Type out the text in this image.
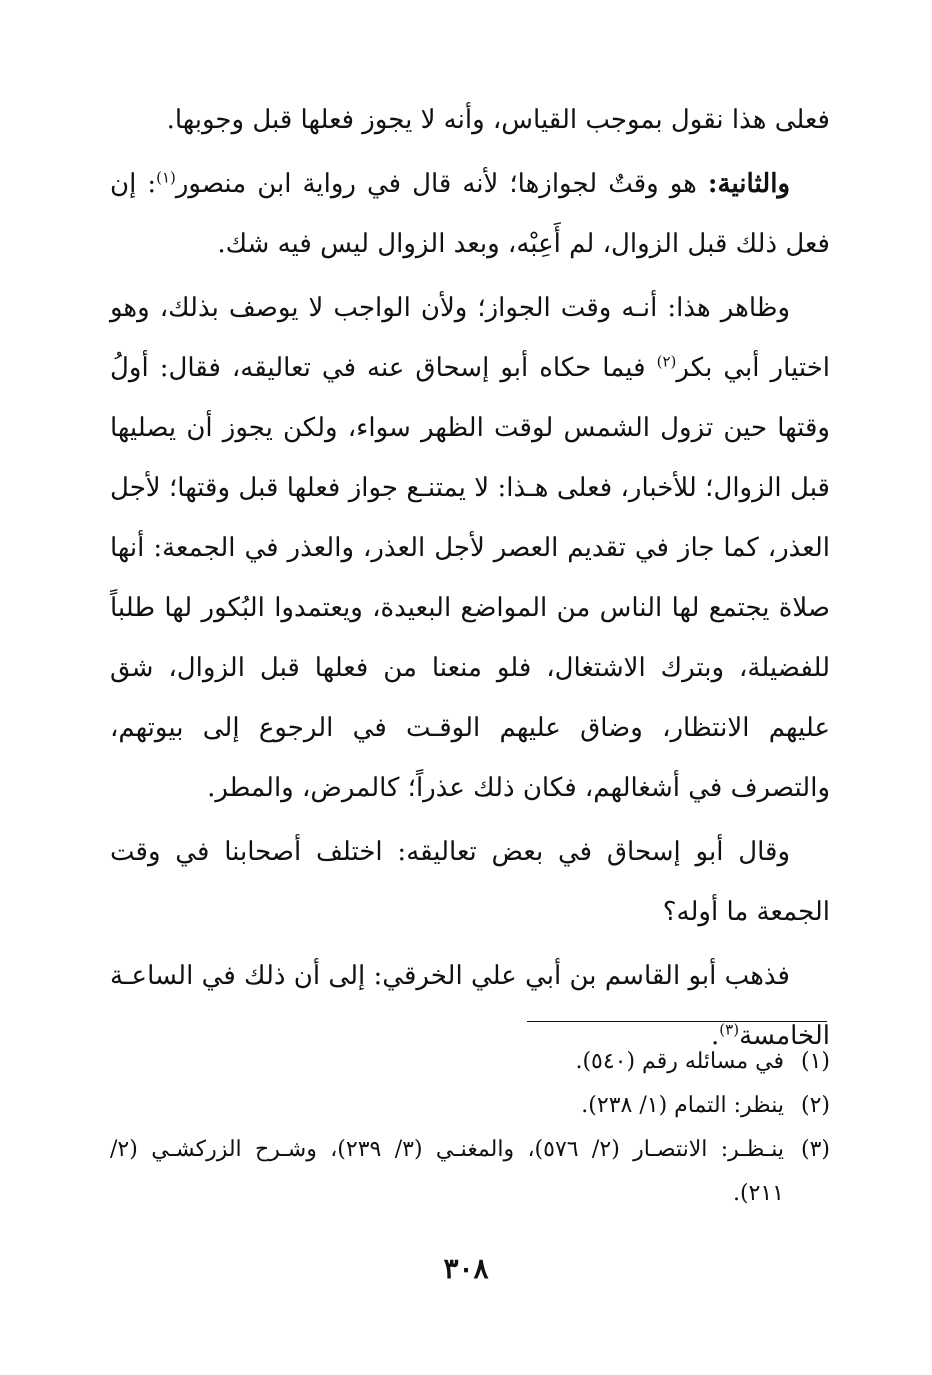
فعلى هذا نقول بموجب القياس، وأنه لا يجوز فعلها قبل وجوبها.

والثانية: هو وقتٌ لجوازها؛ لأنه قال في رواية ابن منصور$^{(١)}$: إن فعل ذلك قبل الزوال، لم أَعِبْه، وبعد الزوال ليس فيه شك.

وظاهر هذا: أنـه وقت الجواز؛ ولأن الواجب لا يوصف بذلك، وهو اختيار أبي بكر$^{(٢)}$ فيما حكاه أبو إسحاق عنه في تعاليقه، فقال: أولُ وقتها حين تزول الشمس لوقت الظهر سواء، ولكن يجوز أن يصليها قبل الزوال؛ للأخبار، فعلى هـذا: لا يمتنـع جواز فعلها قبل وقتها؛ لأجل العذر، كما جاز في تقديم العصر لأجل العذر، والعذر في الجمعة: أنها صلاة يجتمع لها الناس من المواضع البعيدة، ويعتمدوا البُكور لها طلباً للفضيلة، وبترك الاشتغال، فلو منعنا من فعلها قبل الزوال، شق عليهم الانتظار، وضاق عليهم الوقـت في الرجوع إلى بيوتهم، والتصرف في أشغالهم، فكان ذلك عذراً؛ كالمرض، والمطر.

وقال أبو إسحاق في بعض تعاليقه: اختلف أصحابنا في وقت الجمعة ما أوله؟

فذهب أبو القاسم بن أبي علي الخرقي: إلى أن ذلك في الساعـة الخامسة$^{(٣)}$.

(١)
في مسائله رقم (٥٤٠).

(٢)
ينظر: التمام (١/ ٢٣٨).

(٣)
ينـظـر: الانتصـار (٢/ ٥٧٦)، والمغنـي (٣/ ٢٣٩)، وشـرح الزركشـي (٢/ ٢١١).

٣٠٨
